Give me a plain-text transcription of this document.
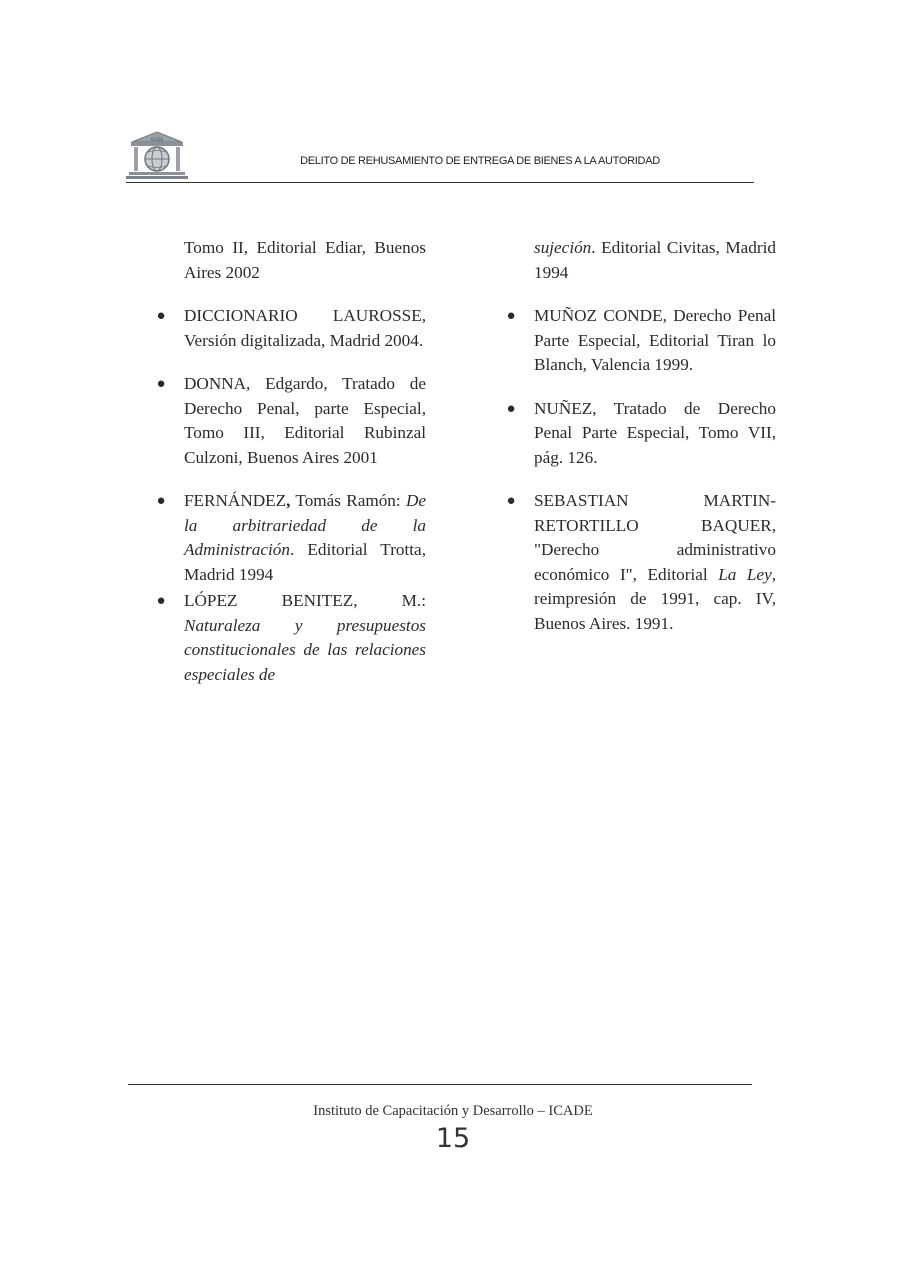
ICADE
DELITO DE REHUSAMIENTO DE ENTREGA DE BIENES A LA AUTORIDAD
Tomo II, Editorial Ediar, Buenos Aires 2002
● DICCIONARIO LAUROSSE, Versión digitalizada, Madrid 2004.
● DONNA, Edgardo, Tratado de Derecho Penal, parte Especial, Tomo III, Editorial Rubinzal Culzoni, Buenos Aires 2001
● FERNÁNDEZ, Tomás Ramón: De la arbitrariedad de la Administración. Editorial Trotta, Madrid 1994
● LÓPEZ BENITEZ, M.: Naturaleza y presupuestos constitucionales de las relaciones especiales de
sujeción. Editorial Civitas, Madrid 1994
● MUÑOZ CONDE, Derecho Penal Parte Especial, Editorial Tiran lo Blanch, Valencia 1999.
● NUÑEZ, Tratado de Derecho Penal Parte Especial, Tomo VII, pág. 126.
● SEBASTIAN MARTIN-RETORTILLO BAQUER, "Derecho administrativo económico I", Editorial La Ley, reimpresión de 1991, cap. IV, Buenos Aires. 1991.
Instituto de Capacitación y Desarrollo – ICADE
15
